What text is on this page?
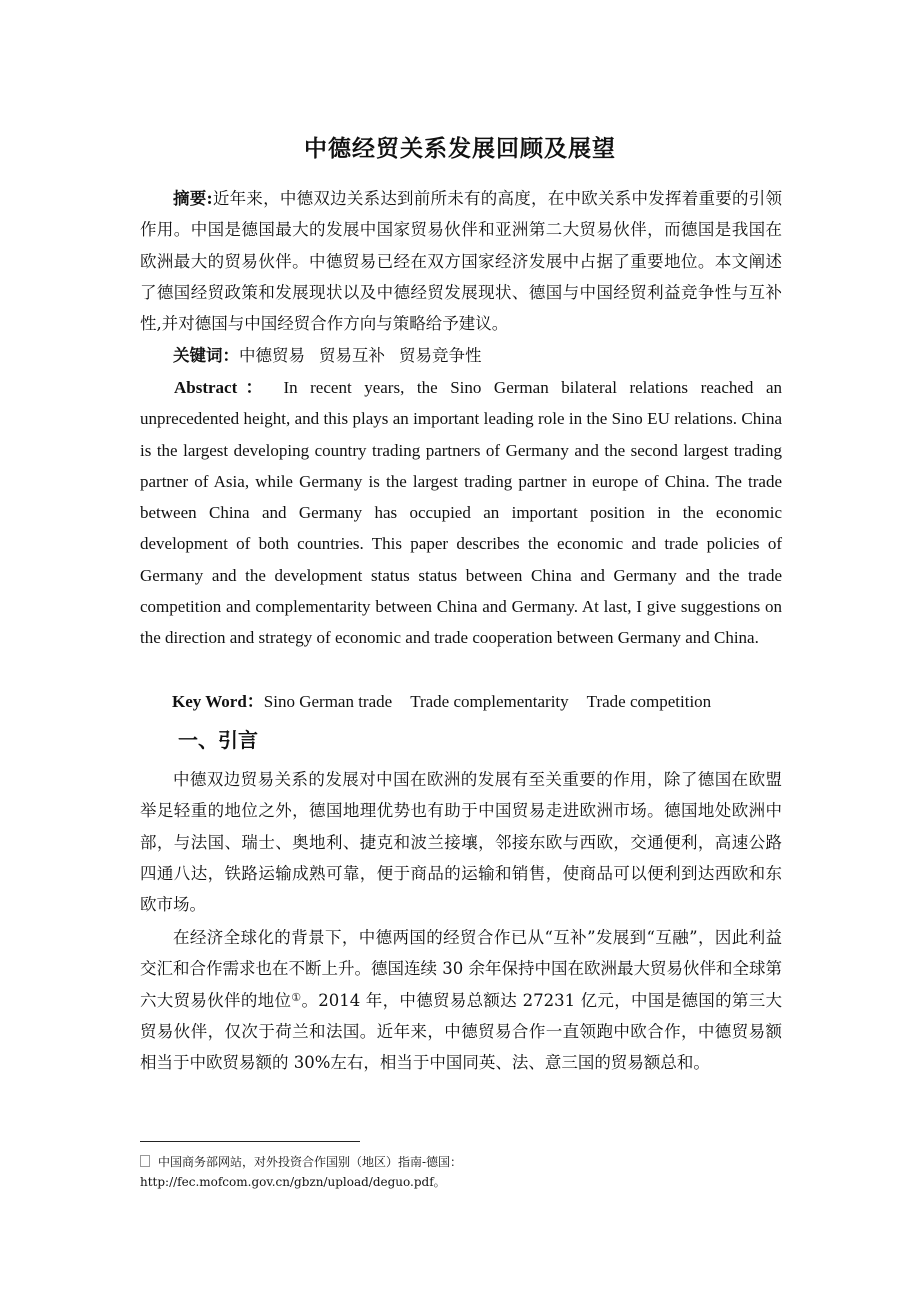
中德经贸关系发展回顾及展望

摘要:近年来，中德双边关系达到前所未有的高度，在中欧关系中发挥着重要的引领作用。中国是德国最大的发展中国家贸易伙伴和亚洲第二大贸易伙伴，而德国是我国在欧洲最大的贸易伙伴。中德贸易已经在双方国家经济发展中占据了重要地位。本文阐述了德国经贸政策和发展现状以及中德经贸发展现状、德国与中国经贸利益竞争性与互补性,并对德国与中国经贸合作方向与策略给予建议。

关键词：中德贸易 贸易互补 贸易竞争性

Abstract： In recent years, the Sino German bilateral relations reached an unprecedented height, and this plays an important leading role in the Sino EU relations. China is the largest developing country trading partners of Germany and the second largest trading partner of Asia, while Germany is the largest trading partner in europe of China. The trade between China and Germany has occupied an important position in the economic development of both countries. This paper describes the economic and trade policies of Germany and the development status status between China and Germany and the trade competition and complementarity between China and Germany. At last, I give suggestions on the direction and strategy of economic and trade cooperation between Germany and China.

Key Word：Sino German trade Trade complementarity Trade competition

一、引言

中德双边贸易关系的发展对中国在欧洲的发展有至关重要的作用，除了德国在欧盟举足轻重的地位之外，德国地理优势也有助于中国贸易走进欧洲市场。德国地处欧洲中部，与法国、瑞士、奥地利、捷克和波兰接壤，邻接东欧与西欧，交通便利，高速公路四通八达，铁路运输成熟可靠，便于商品的运输和销售，使商品可以便利到达西欧和东欧市场。

在经济全球化的背景下，中德两国的经贸合作已从“互补”发展到“互融”，因此利益交汇和合作需求也在不断上升。德国连续 30 余年保持中国在欧洲最大贸易伙伴和全球第六大贸易伙伴的地位①。2014 年，中德贸易总额达 27231 亿元，中国是德国的第三大贸易伙伴，仅次于荷兰和法国。近年来，中德贸易合作一直领跑中欧合作，中德贸易额相当于中欧贸易额的 30%左右，相当于中国同英、法、意三国的贸易额总和。

中国商务部网站，对外投资合作国别（地区）指南-德国：
http://fec.mofcom.gov.cn/gbzn/upload/deguo.pdf。
